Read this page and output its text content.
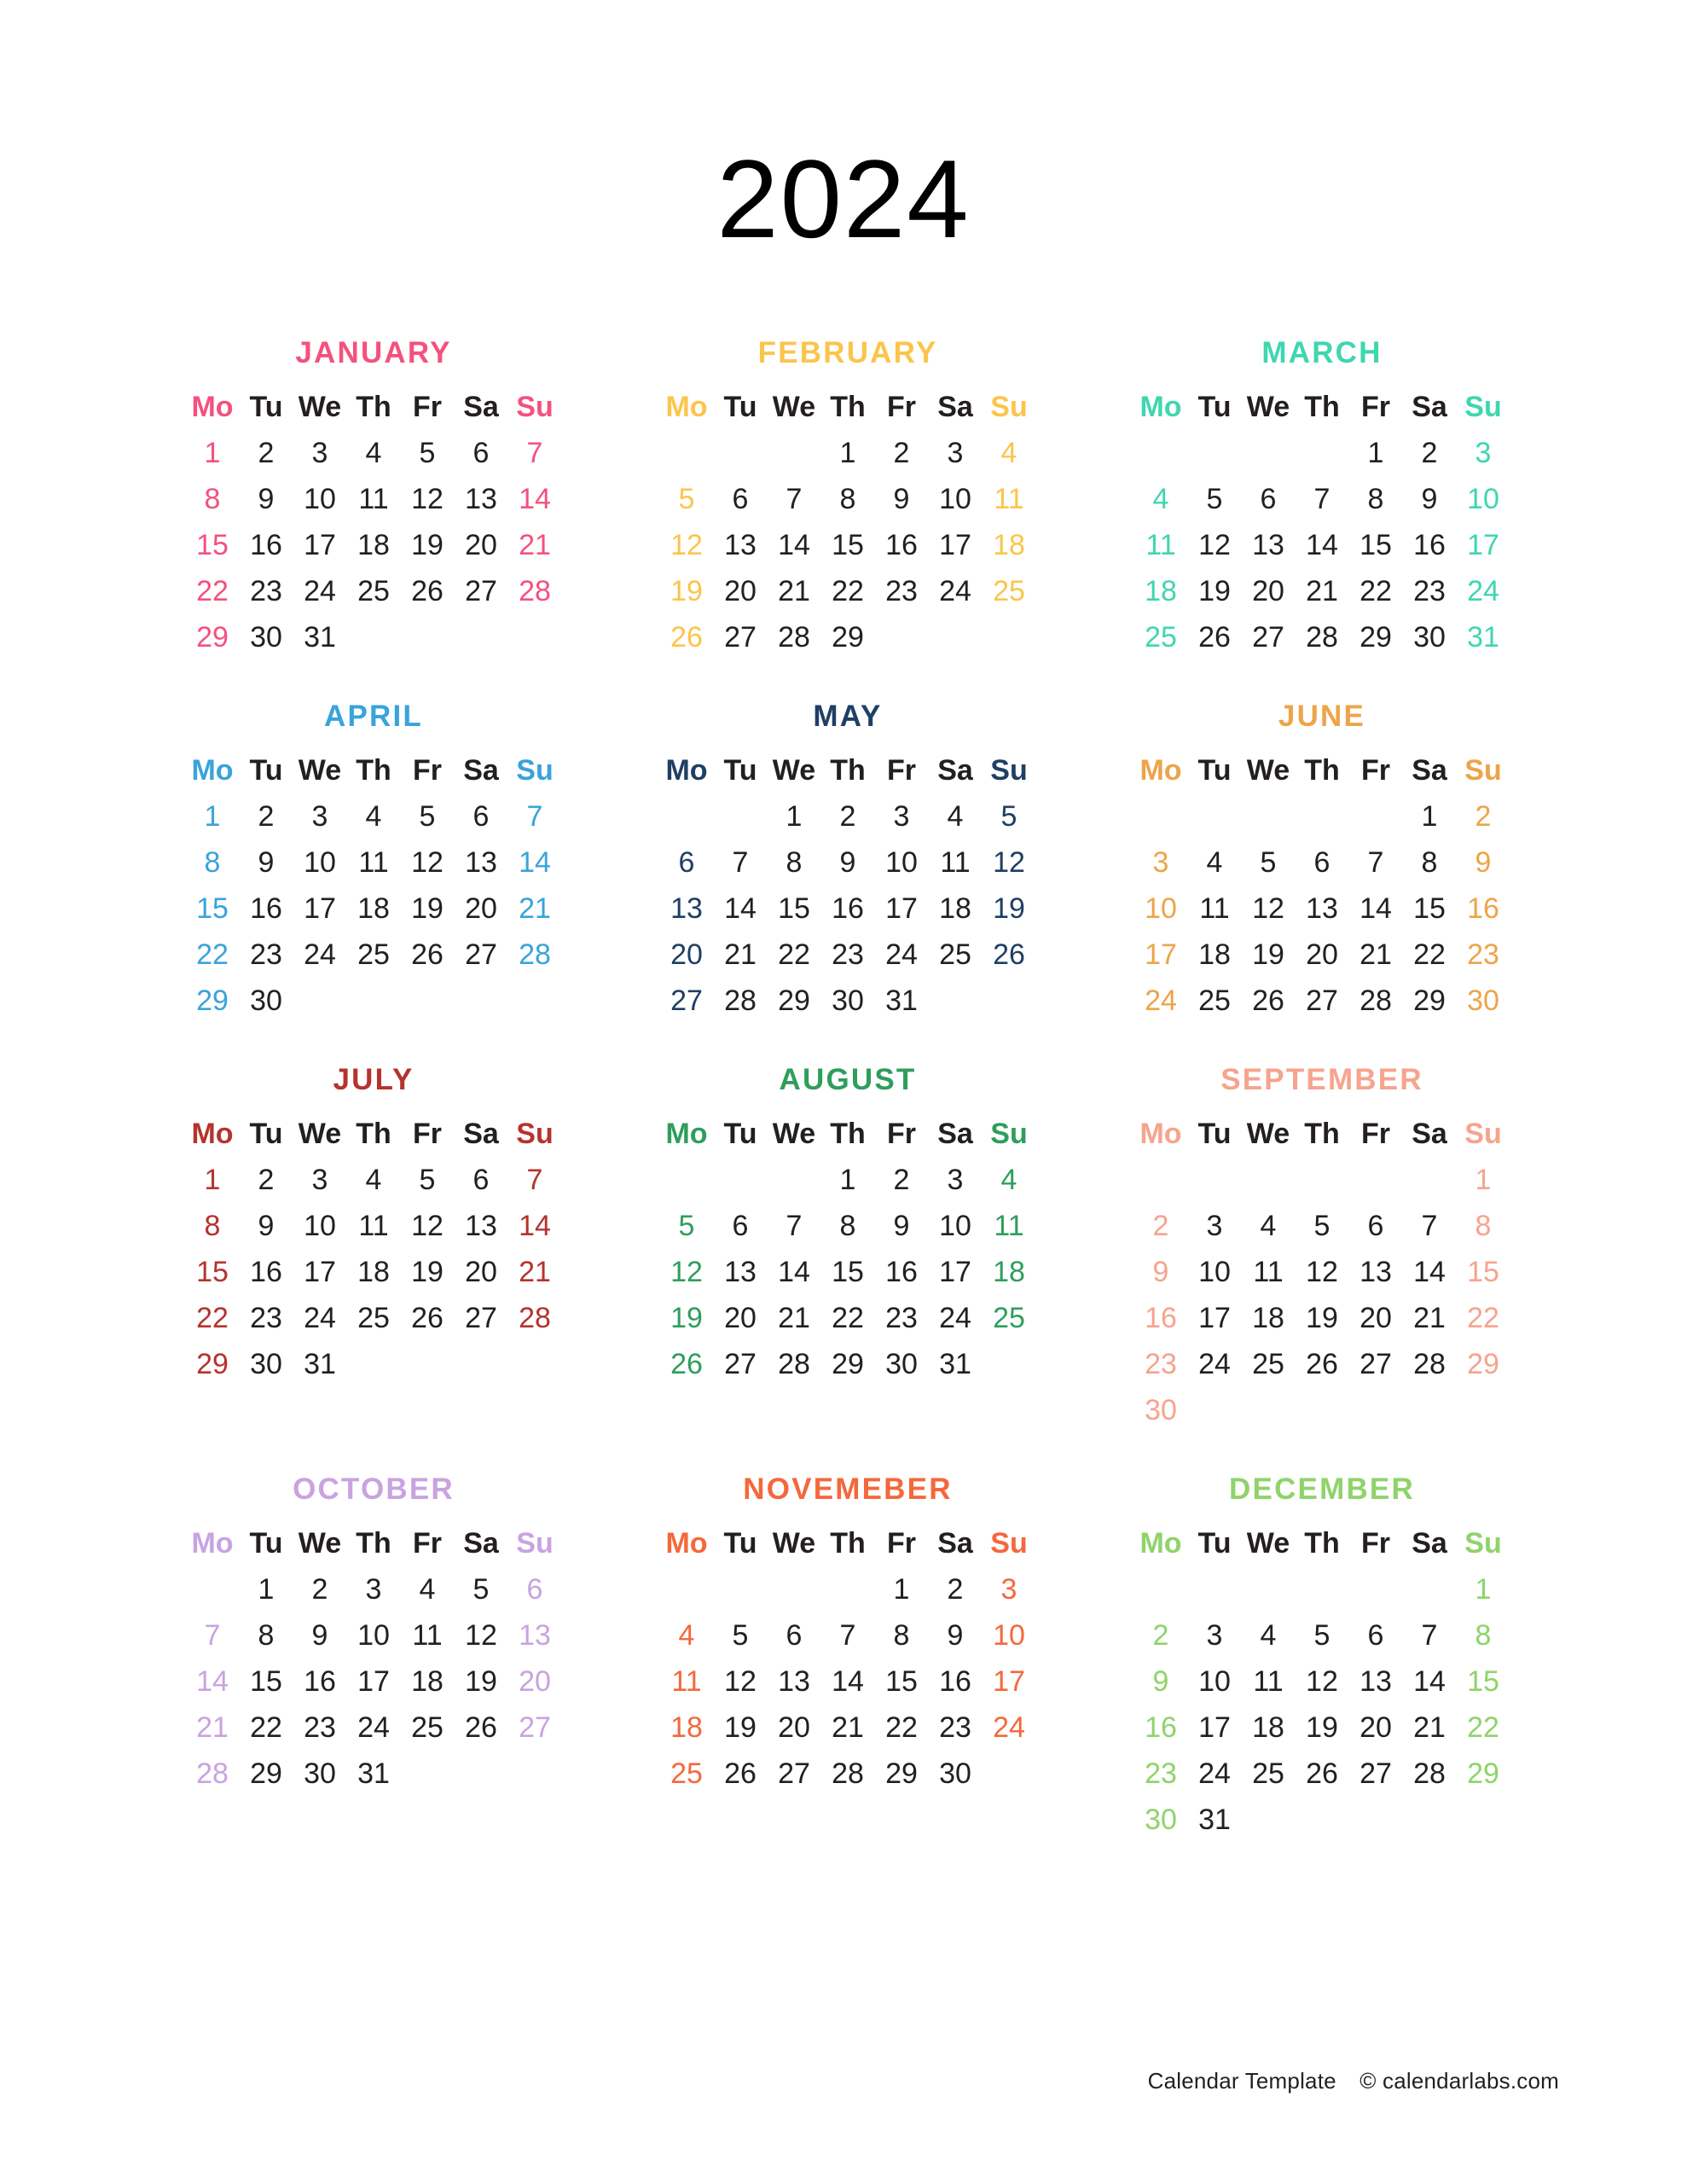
2024
JANUARY
Mo	Tu	We	Th	Fr	Sa	Su
1	2	3	4	5	6	7
8	9	10	11	12	13	14
15	16	17	18	19	20	21
22	23	24	25	26	27	28
29	30	31				
FEBRUARY
Mo	Tu	We	Th	Fr	Sa	Su
			1	2	3	4
5	6	7	8	9	10	11
12	13	14	15	16	17	18
19	20	21	22	23	24	25
26	27	28	29			
MARCH
Mo	Tu	We	Th	Fr	Sa	Su
				1	2	3
4	5	6	7	8	9	10
11	12	13	14	15	16	17
18	19	20	21	22	23	24
25	26	27	28	29	30	31
APRIL
Mo	Tu	We	Th	Fr	Sa	Su
1	2	3	4	5	6	7
8	9	10	11	12	13	14
15	16	17	18	19	20	21
22	23	24	25	26	27	28
29	30					
MAY
Mo	Tu	We	Th	Fr	Sa	Su
		1	2	3	4	5
6	7	8	9	10	11	12
13	14	15	16	17	18	19
20	21	22	23	24	25	26
27	28	29	30	31		
JUNE
Mo	Tu	We	Th	Fr	Sa	Su
					1	2
3	4	5	6	7	8	9
10	11	12	13	14	15	16
17	18	19	20	21	22	23
24	25	26	27	28	29	30
JULY
Mo	Tu	We	Th	Fr	Sa	Su
1	2	3	4	5	6	7
8	9	10	11	12	13	14
15	16	17	18	19	20	21
22	23	24	25	26	27	28
29	30	31				
AUGUST
Mo	Tu	We	Th	Fr	Sa	Su
			1	2	3	4
5	6	7	8	9	10	11
12	13	14	15	16	17	18
19	20	21	22	23	24	25
26	27	28	29	30	31	
SEPTEMBER
Mo	Tu	We	Th	Fr	Sa	Su
						1
2	3	4	5	6	7	8
9	10	11	12	13	14	15
16	17	18	19	20	21	22
23	24	25	26	27	28	29
30						
OCTOBER
Mo	Tu	We	Th	Fr	Sa	Su
	1	2	3	4	5	6
7	8	9	10	11	12	13
14	15	16	17	18	19	20
21	22	23	24	25	26	27
28	29	30	31			
NOVEMEBER
Mo	Tu	We	Th	Fr	Sa	Su
				1	2	3
4	5	6	7	8	9	10
11	12	13	14	15	16	17
18	19	20	21	22	23	24
25	26	27	28	29	30	
DECEMBER
Mo	Tu	We	Th	Fr	Sa	Su
						1
2	3	4	5	6	7	8
9	10	11	12	13	14	15
16	17	18	19	20	21	22
23	24	25	26	27	28	29
30	31					
Calendar Template © calendarlabs.com
